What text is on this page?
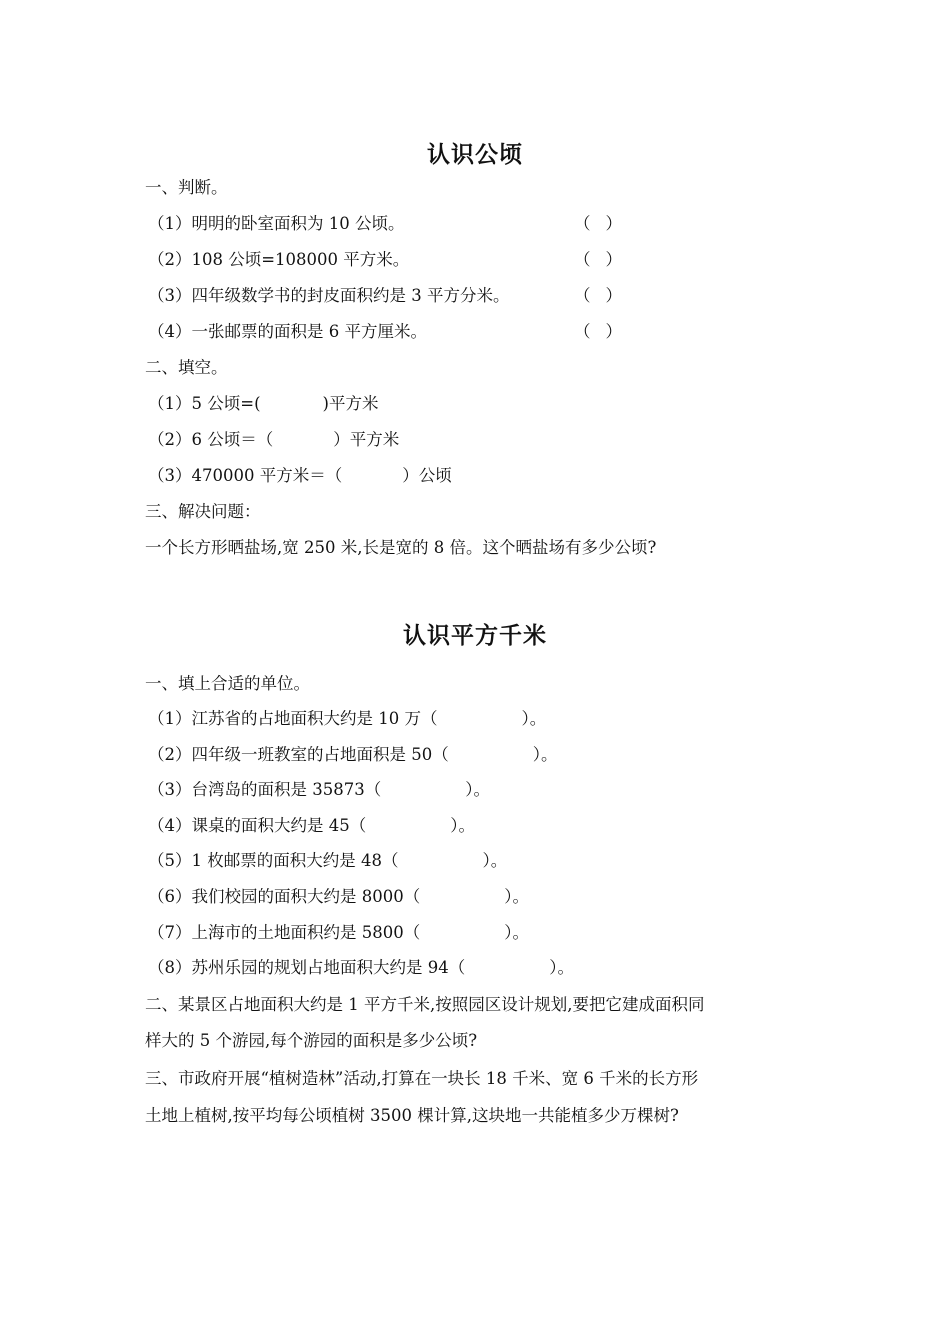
认识公顷
一、判断。
（1）明明的卧室面积为 10 公顷。	（ ）
（2）108 公顷=108000 平方米。	（ ）
（3）四年级数学书的封皮面积约是 3 平方分米。	（ ）
（4）一张邮票的面积是 6 平方厘米。	（ ）
二、填空。
（1）5 公顷=(	)平方米
（2）6 公顷＝（	）平方米
（3）470000 平方米＝（	）公顷
三、解决问题：
一个长方形晒盐场,宽 250 米,长是宽的 8 倍。这个晒盐场有多少公顷?
认识平方千米
一、填上合适的单位。
（1）江苏省的占地面积大约是 10 万（	）。
（2）四年级一班教室的占地面积是 50（	）。
（3）台湾岛的面积是 35873（	）。
（4）课桌的面积大约是 45（	）。
（5）1 枚邮票的面积大约是 48（	）。
（6）我们校园的面积大约是 8000（	）。
（7）上海市的土地面积约是 5800（	）。
（8）苏州乐园的规划占地面积大约是 94（	）。
二、某景区占地面积大约是 1 平方千米,按照园区设计规划,要把它建成面积同
样大的 5 个游园,每个游园的面积是多少公顷?
三、市政府开展“植树造林”活动,打算在一块长 18 千米、宽 6 千米的长方形
土地上植树,按平均每公顷植树 3500 棵计算,这块地一共能植多少万棵树?
